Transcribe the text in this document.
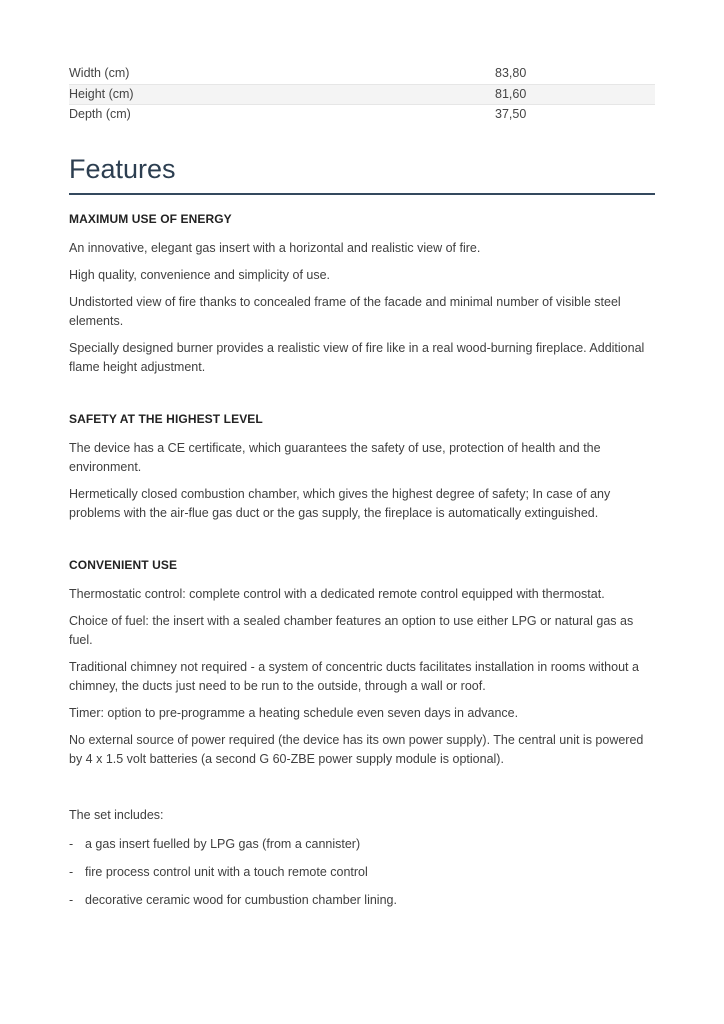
Width (cm)	83,80
Height (cm)	81,60
Depth (cm)	37,50
Features
MAXIMUM USE OF ENERGY

An innovative, elegant gas insert with a horizontal and realistic view of fire.

High quality, convenience and simplicity of use.

Undistorted view of fire thanks to concealed frame of the facade and minimal number of visible steel elements.

Specially designed burner provides a realistic view of fire like in a real wood-burning fireplace. Additional flame height adjustment.

SAFETY AT THE HIGHEST LEVEL

The device has a CE certificate, which guarantees the safety of use, protection of health and the environment.

Hermetically closed combustion chamber, which gives the highest degree of safety; In case of any problems with the air-flue gas duct or the gas supply, the fireplace is automatically extinguished.

CONVENIENT USE

Thermostatic control: complete control with a dedicated remote control equipped with thermostat.

Choice of fuel: the insert with a sealed chamber features an option to use either LPG or natural gas as fuel.

Traditional chimney not required - a system of concentric ducts facilitates installation in rooms without a chimney, the ducts just need to be run to the outside, through a wall or roof.

Timer: option to pre-programme a heating schedule even seven days in advance.

No external source of power required (the device has its own power supply). The central unit is powered by 4 x 1.5 volt batteries (a second G 60-ZBE power supply module is optional).

The set includes:

- a gas insert fuelled by LPG gas (from a cannister)
- fire process control unit with a touch remote control
- decorative ceramic wood for cumbustion chamber lining.
